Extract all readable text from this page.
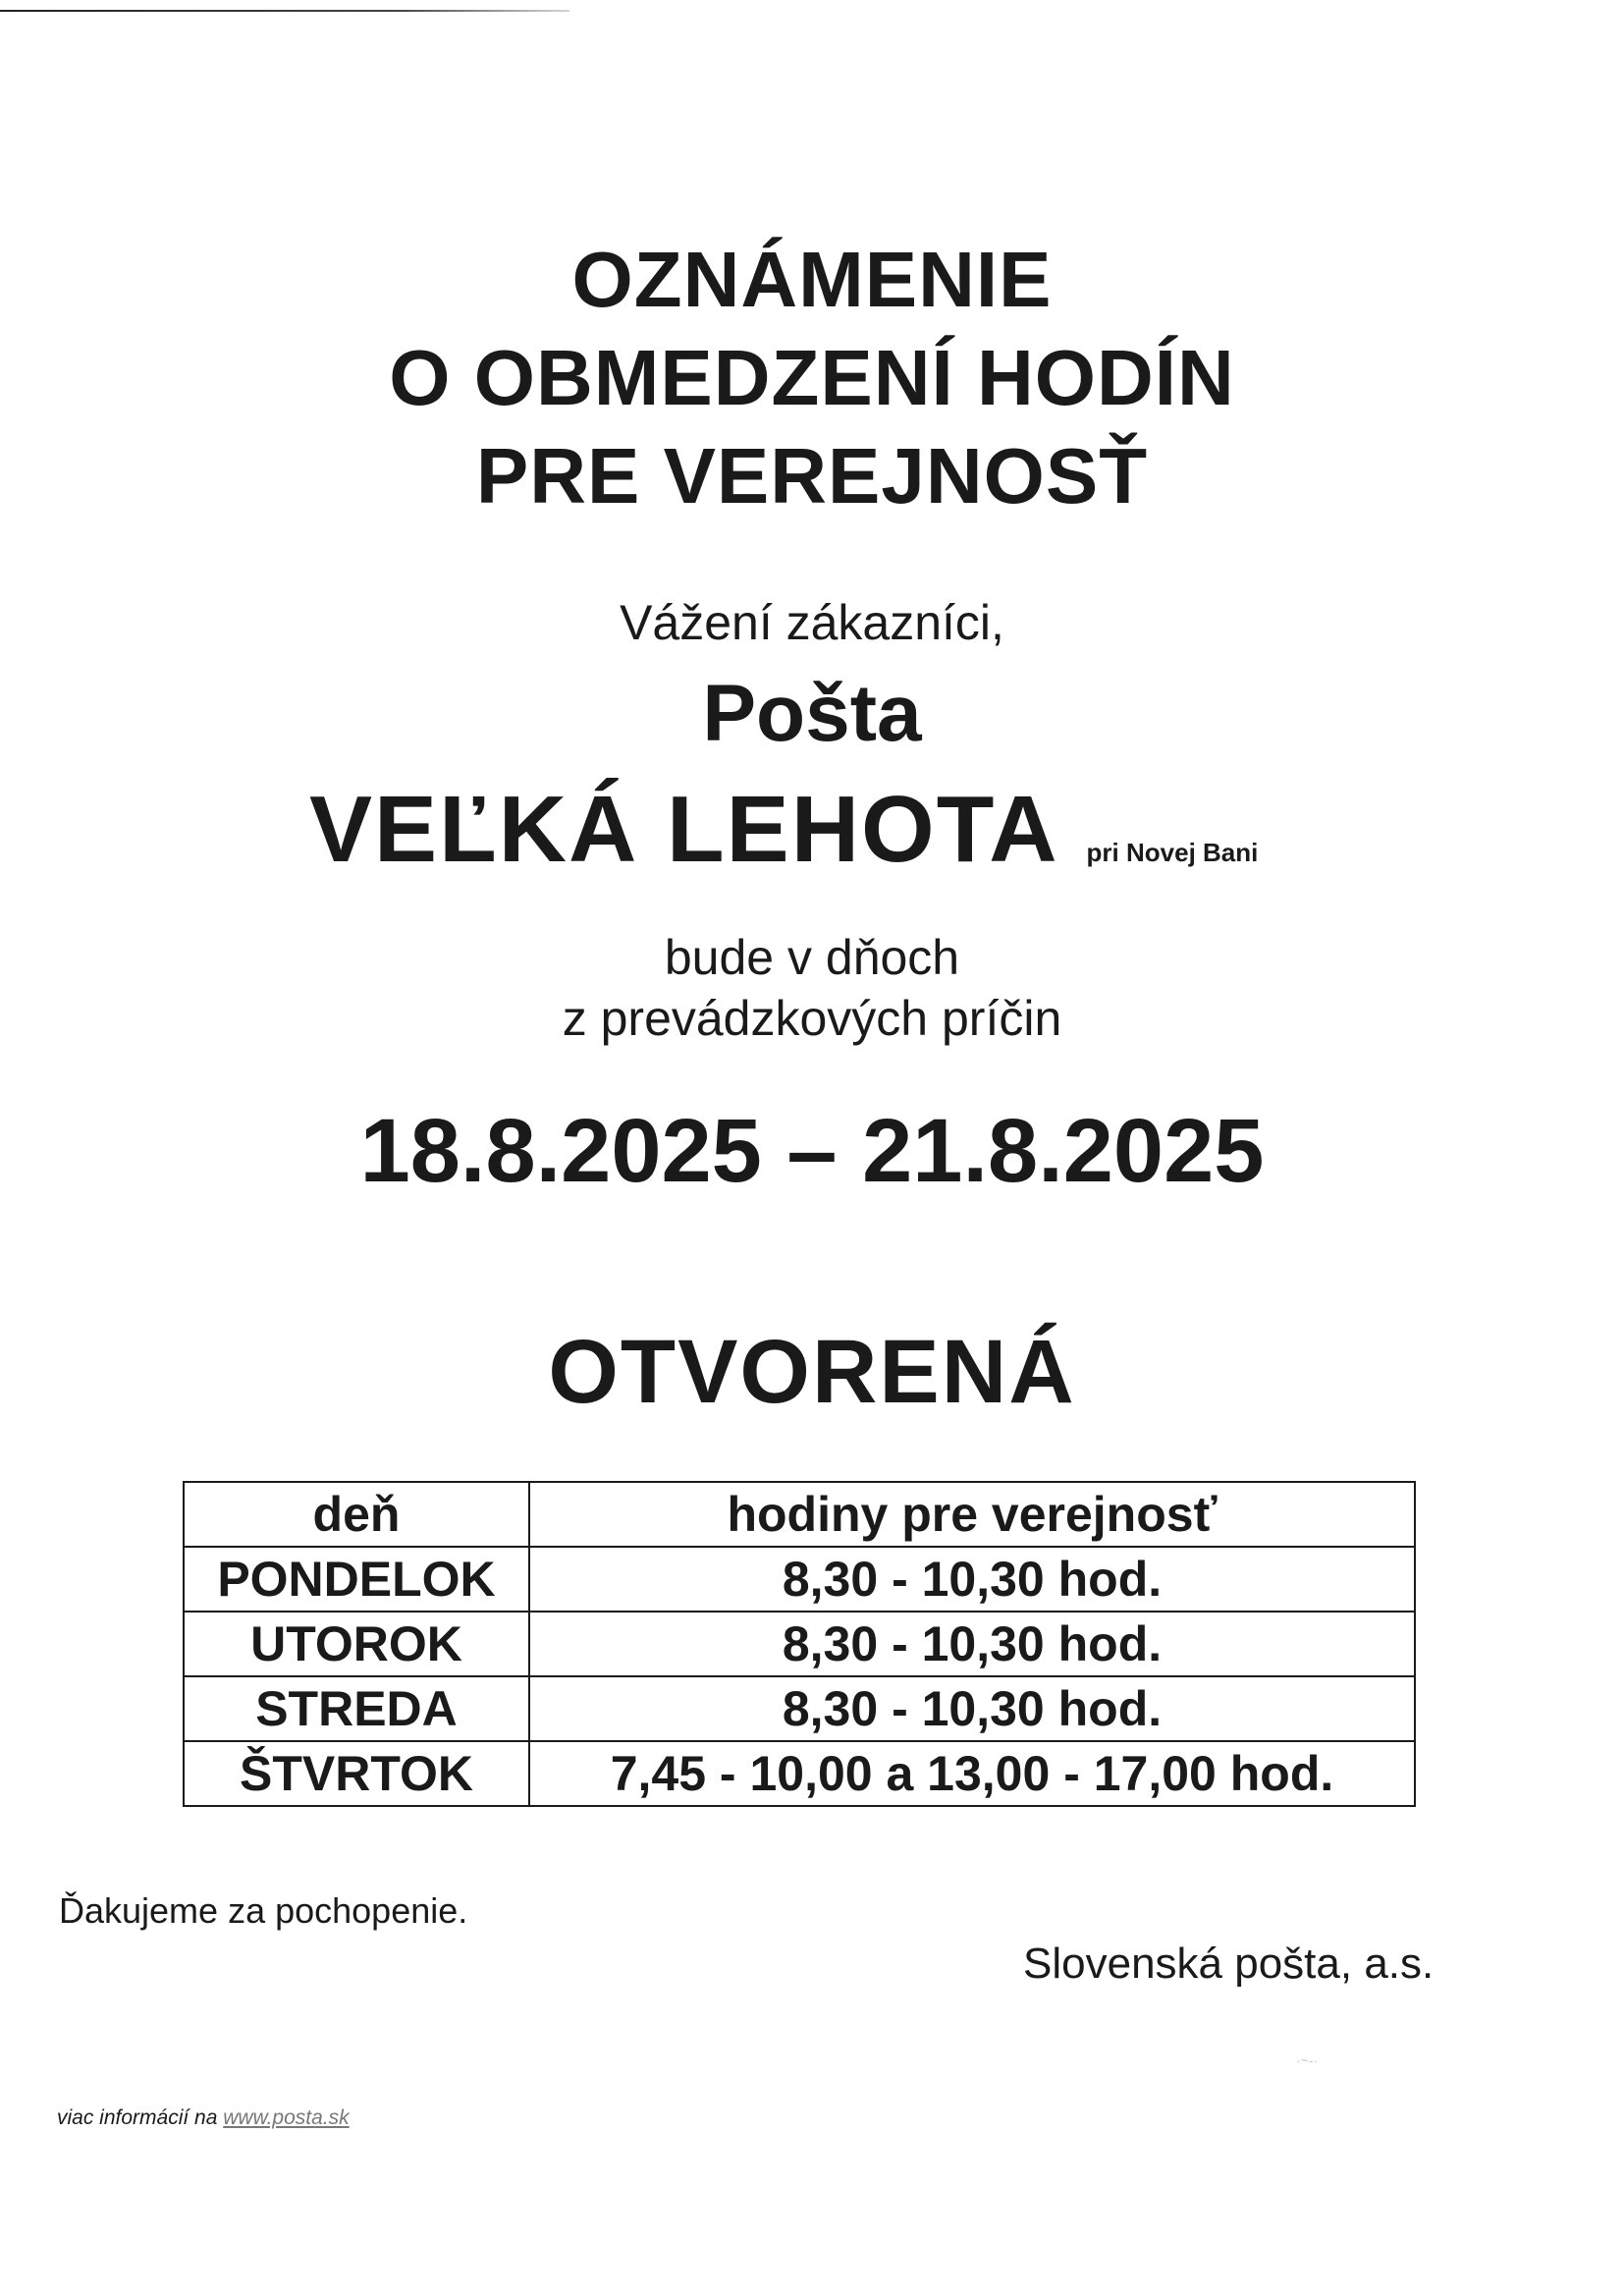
OZNÁMENIE
O OBMEDZENÍ HODÍN
PRE VEREJNOSŤ
Vážení zákazníci,
Pošta
VEĽKÁ LEHOTA pri Novej Bani
bude v dňoch
z prevádzkových príčin
18.8.2025 – 21.8.2025
OTVORENÁ
deň	hodiny pre verejnosť
PONDELOK	8,30 - 10,30 hod.
UTOROK	8,30 - 10,30 hod.
STREDA	8,30 - 10,30 hod.
ŠTVRTOK	7,45 - 10,00 a 13,00 - 17,00 hod.
Ďakujeme za pochopenie.
Slovenská pošta, a.s.
·~-·
viac informácií na www.posta.sk
